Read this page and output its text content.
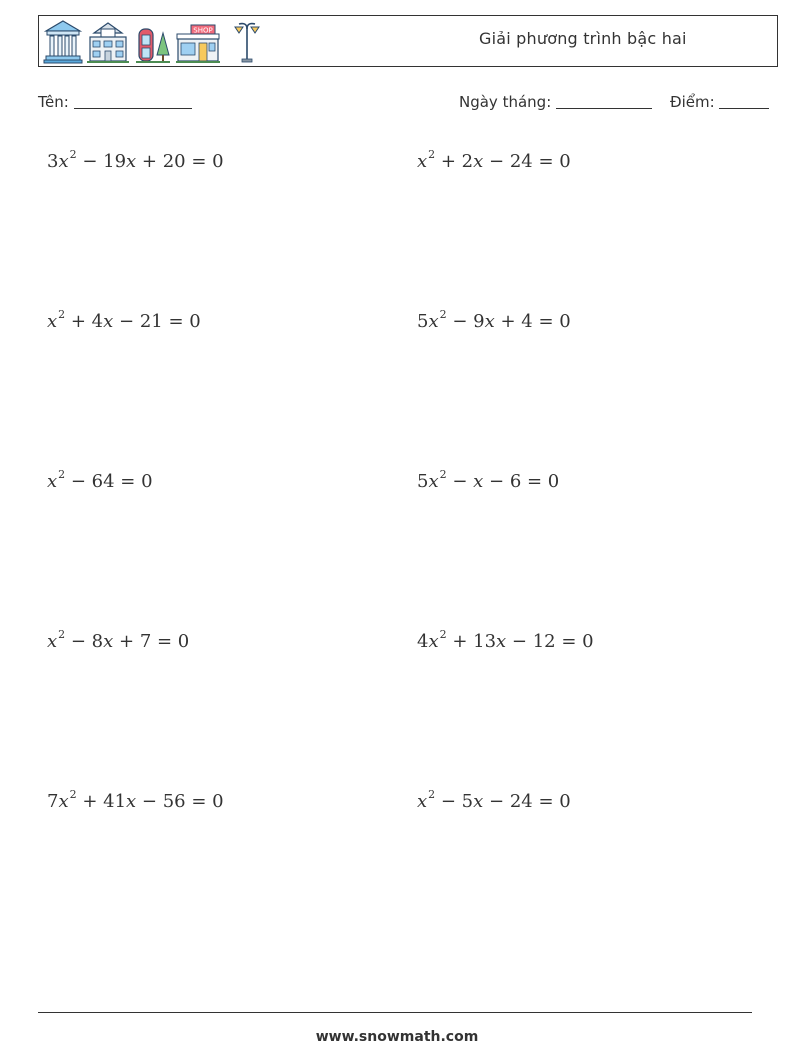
SHOP	Giải phương trình bậc hai
Tên:	Ngày tháng:	Điểm:
$3x^2 - 19x + 20 = 0$	$x^2 + 2x - 24 = 0$
$x^2 + 4x - 21 = 0$	$5x^2 - 9x + 4 = 0$
$x^2 - 64 = 0$	$5x^2 - x - 6 = 0$
$x^2 - 8x + 7 = 0$	$4x^2 + 13x - 12 = 0$
$7x^2 + 41x - 56 = 0$	$x^2 - 5x - 24 = 0$
www.snowmath.com
